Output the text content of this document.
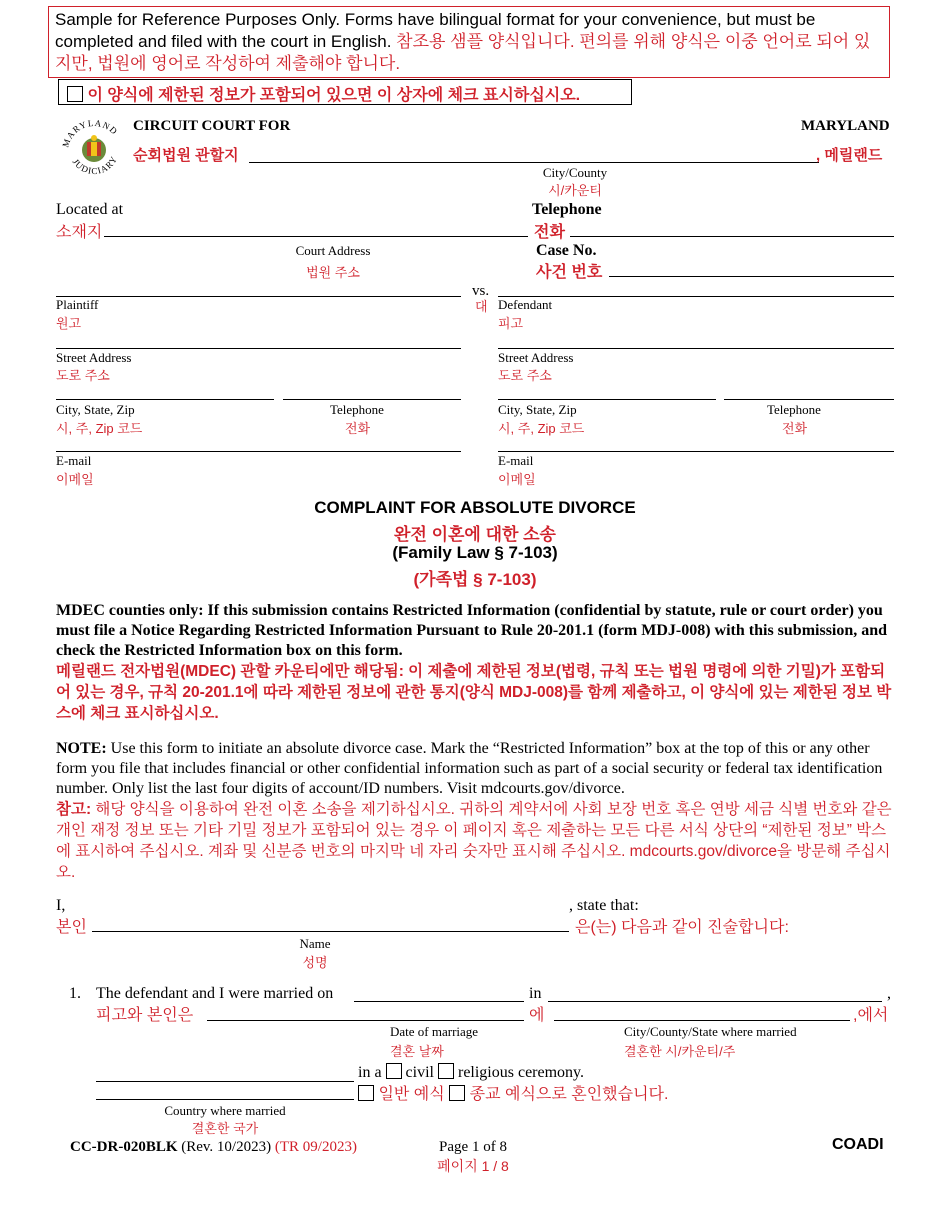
Sample for Reference Purposes Only. Forms have bilingual format for your convenience, but must be completed and filed with the court in English. 참조용 샘플 양식입니다. 편의를 위해 양식은 이중 언어로 되어 있지만, 법원에 영어로 작성하여 제출해야 합니다.
이 양식에 제한된 정보가 포함되어 있으면 이 상자에 체크 표시하십시오.
MARYLAND
JUDICIARY
CIRCUIT COURT FOR	MARYLAND
순회법원 관할지	, 메릴랜드
City/County
시/카운티
Located at
소재지
Court Address
법원 주소
Telephone
전화
Case No.
사건 번호
vs.
대
Plaintiff
원고
Defendant
피고
Street Address
도로 주소
Street Address
도로 주소
City, State, Zip
시, 주, Zip 코드
Telephone
전화
City, State, Zip
시, 주, Zip 코드
Telephone
전화
E-mail
이메일
E-mail
이메일
COMPLAINT FOR ABSOLUTE DIVORCE
완전 이혼에 대한 소송
(Family Law § 7-103)
(가족법 § 7-103)
MDEC counties only: If this submission contains Restricted Information (confidential by statute, rule or court order) you must file a Notice Regarding Restricted Information Pursuant to Rule 20-201.1 (form MDJ-008) with this submission, and check the Restricted Information box on this form.
메릴랜드 전자법원(MDEC) 관할 카운티에만 해당됨: 이 제출에 제한된 정보(법령, 규칙 또는 법원 명령에 의한 기밀)가 포함되어 있는 경우, 규칙 20-201.1에 따라 제한된 정보에 관한 통지(양식 MDJ-008)를 함께 제출하고, 이 양식에 있는 제한된 정보 박스에 체크 표시하십시오.
NOTE: Use this form to initiate an absolute divorce case. Mark the “Restricted Information” box at the top of this or any other form you file that includes financial or other confidential information such as part of a social security or federal tax identification number. Only list the last four digits of account/ID numbers. Visit mdcourts.gov/divorce.
참고: 해당 양식을 이용하여 완전 이혼 소송을 제기하십시오. 귀하의 계약서에 사회 보장 번호 혹은 연방 세금 식별 번호와 같은 개인 재정 정보 또는 기타 기밀 정보가 포함되어 있는 경우 이 페이지 혹은 제출하는 모든 다른 서식 상단의 “제한된 정보” 박스에 표시하여 주십시오. 계좌 및 신분증 번호의 마지막 네 자리 숫자만 표시해 주십시오. mdcourts.gov/divorce을 방문해 주십시오.
I,
본인
, state that:
은(는) 다음과 같이 진술합니다:
Name
성명
1. The defendant and I were married on	in	,
피고와 본인은	에	,에서
Date of marriage
결혼 날짜
City/County/State where married
결혼한 시/카운티/주
in a civil religious ceremony.
일반 예식 종교 예식으로 혼인했습니다.
Country where married
결혼한 국가
CC-DR-020BLK (Rev. 10/2023) (TR 09/2023)	Page 1 of 8
페이지 1 / 8
COADI
